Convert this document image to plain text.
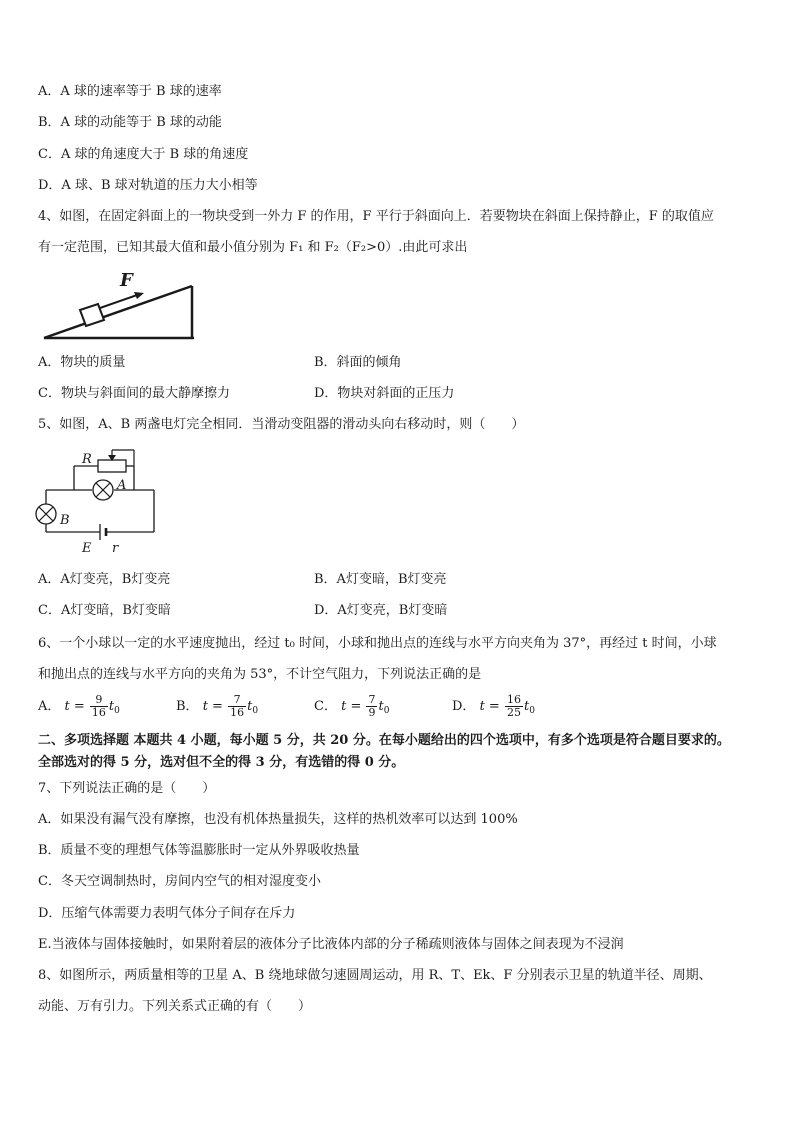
A．A 球的速率等于 B 球的速率
B．A 球的动能等于 B 球的动能
C．A 球的角速度大于 B 球的角速度
D．A 球、B 球对轨道的压力大小相等
4、如图，在固定斜面上的一物块受到一外力 F 的作用，F 平行于斜面向上．若要物块在斜面上保持静止，F 的取值应
有一定范围，已知其最大值和最小值分别为 F₁ 和 F₂（F₂>0）.由此可求出
F
A．物块的质量	B．斜面的倾角
C．物块与斜面间的最大静摩擦力	D．物块对斜面的正压力
5、如图，A、B 两盏电灯完全相同．当滑动变阻器的滑动头向右移动时，则（　　）
R
A
B
E r
A．A灯变亮，B灯变亮	B．A灯变暗，B灯变亮
C．A灯变暗，B灯变暗	D．A灯变亮，B灯变暗
6、一个小球以一定的水平速度抛出，经过 t₀ 时间，小球和抛出点的连线与水平方向夹角为 37°，再经过 t 时间，小球
和抛出点的连线与水平方向的夹角为 53°，不计空气阻力，下列说法正确的是
A． $t = \frac{9}{16} t_0$	B． $t = \frac{7}{16} t_0$	C． $t = \frac{7}{9} t_0$	D． $t = \frac{16}{25} t_0$
二、多项选择题 本题共 4 小题，每小题 5 分，共 20 分。在每小题给出的四个选项中，有多个选项是符合题目要求的。
全部选对的得 5 分，选对但不全的得 3 分，有选错的得 0 分。
7、下列说法正确的是（　　）
A．如果没有漏气没有摩擦，也没有机体热量损失，这样的热机效率可以达到 100%
B．质量不变的理想气体等温膨胀时一定从外界吸收热量
C．冬天空调制热时，房间内空气的相对湿度变小
D．压缩气体需要力表明气体分子间存在斥力
E.当液体与固体接触时，如果附着层的液体分子比液体内部的分子稀疏则液体与固体之间表现为不浸润
8、如图所示，两质量相等的卫星 A、B 绕地球做匀速圆周运动，用 R、T、Ek、F 分别表示卫星的轨道半径、周期、
动能、万有引力。下列关系式正确的有（　　）
